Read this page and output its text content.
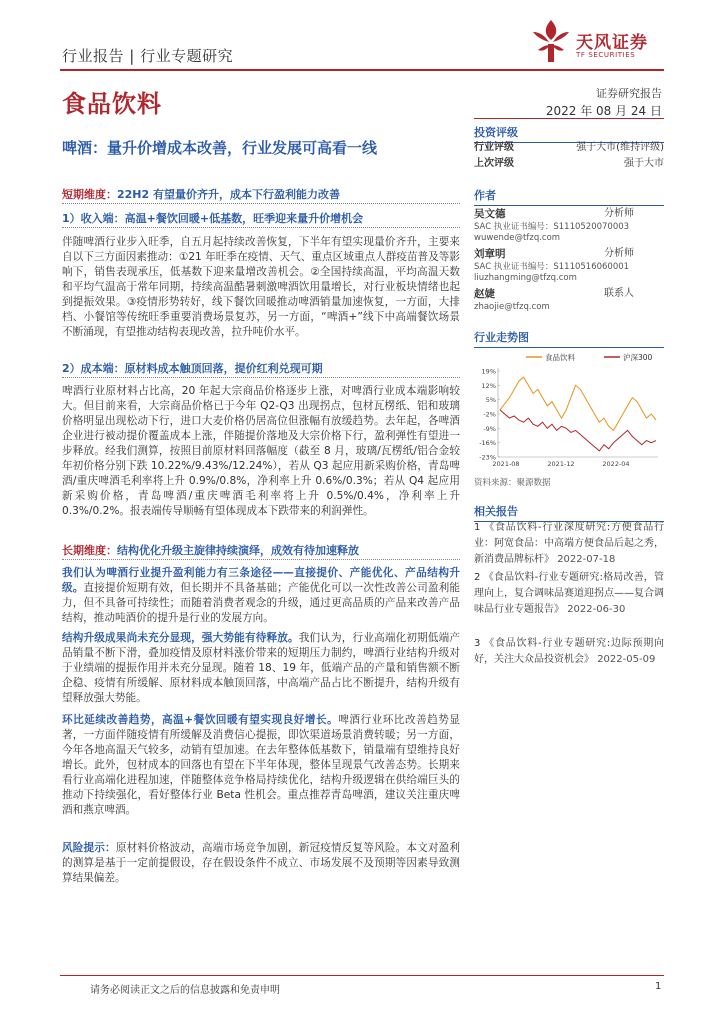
行业报告 | 行业专题研究
食品饮料
天风证券
TF SECURITIES
证券研究报告
2022 年 08 月 24 日
啤酒：量升价增成本改善，行业发展可高看一线
短期维度：22H2 有望量价齐升，成本下行盈利能力改善
1）收入端：高温+餐饮回暖+低基数，旺季迎来量升价增机会
伴随啤酒行业步入旺季，自五月起持续改善恢复，下半年有望实现量价齐升，主要来自以下三方面因素推动：①21 年旺季在疫情、天气、重点区域重点人群疫苗普及等影响下，销售表现承压，低基数下迎来量增改善机会。②全国持续高温，平均高温天数和平均气温高于常年同期，持续高温酷暑刺激啤酒饮用量增长，对行业板块情绪也起到提振效果。③疫情形势转好，线下餐饮回暖推动啤酒销量加速恢复，一方面，大排档、小餐馆等传统旺季重要消费场景复苏，另一方面，“啤酒+”线下中高端餐饮场景不断涌现，有望推动结构表现改善，拉升吨价水平。
2）成本端：原材料成本触顶回落，提价红利兑现可期
啤酒行业原材料占比高，20 年起大宗商品价格逐步上涨，对啤酒行业成本端影响较大。但目前来看，大宗商品价格已于今年 Q2-Q3 出现拐点，包材瓦楞纸、铝和玻璃价格明显出现松动下行，进口大麦价格仍居高位但涨幅有放缓趋势。去年起，各啤酒企业进行被动提价覆盖成本上涨，伴随提价落地及大宗价格下行，盈利弹性有望进一步释放。经我们测算，按照目前原材料回落幅度（截至 8 月，玻璃/瓦楞纸/铝合金较年初价格分别下跌 10.22%/9.43%/12.24%），若从 Q3 起应用新采购价格，青岛啤酒/重庆啤酒毛利率将上升 0.9%/0.8%，净利率上升 0.6%/0.3%；若从 Q4 起应用新采购价格，青岛啤酒/重庆啤酒毛利率将上升 0.5%/0.4%，净利率上升 0.3%/0.2%。报表端传导顺畅有望体现成本下跌带来的利润弹性。
长期维度：结构优化升级主旋律持续演绎，成效有待加速释放
我们认为啤酒行业提升盈利能力有三条途径——直接提价、产能优化、产品结构升级。直接提价短期有效，但长期并不具备基础；产能优化可以一次性改善公司盈利能力，但不具备可持续性；而随着消费者观念的升级，通过更高品质的产品来改善产品结构，推动吨酒价的提升是行业的发展方向。
结构升级成果尚未充分显现，强大势能有待释放。我们认为，行业高端化初期低端产品销量不断下滑，叠加疫情及原材料涨价带来的短期压力制约，啤酒行业结构升级对于业绩端的提振作用并未充分显现。随着 18、19 年，低端产品的产量和销售额不断企稳、疫情有所缓解、原材料成本触顶回落，中高端产品占比不断提升，结构升级有望释放强大势能。
环比延续改善趋势，高温+餐饮回暖有望实现良好增长。啤酒行业环比改善趋势显著，一方面伴随疫情有所缓解及消费信心提振，即饮渠道场景消费转暖；另一方面，今年各地高温天气较多，动销有望加速。在去年整体低基数下，销量端有望维持良好增长。此外，包材成本的回落也有望在下半年体现，整体呈现景气改善态势。长期来看行业高端化进程加速，伴随整体竞争格局持续优化，结构升级逻辑在供给端巨头的推动下持续强化，看好整体行业 Beta 性机会。重点推荐青岛啤酒，建议关注重庆啤酒和燕京啤酒。
风险提示：原材料价格波动，高端市场竞争加剧，新冠疫情反复等风险。本文对盈利的测算是基于一定前提假设，存在假设条件不成立、市场发展不及预期等因素导致测算结果偏差。
投资评级
行业评级	强于大市(维持评级)
上次评级	强于大市
作者
吴文德	分析师
SAC 执业证书编号：S1110520070003
wuwende@tfzq.com
刘章明	分析师
SAC 执业证书编号：S1110516060001
liuzhangming@tfzq.com
赵婕	联系人
zhaojie@tfzq.com
行业走势图
食品饮料	沪深300
19%
12%
5%
-2%
-9%
-16%
-23%
2021-08	2021-12	2022-04
资料来源：聚源数据
相关报告
1 《食品饮料-行业深度研究:方便食品行业：阿宽食品：中高端方便食品后起之秀，新消费品牌标杆》 2022-07-18
2 《食品饮料-行业专题研究:格局改善，管理向上，复合调味品赛道迎拐点——复合调味品行业专题报告》 2022-06-30
3 《食品饮料-行业专题研究:边际预期向好，关注大众品投资机会》 2022-05-09
请务必阅读正文之后的信息披露和免责申明	1
